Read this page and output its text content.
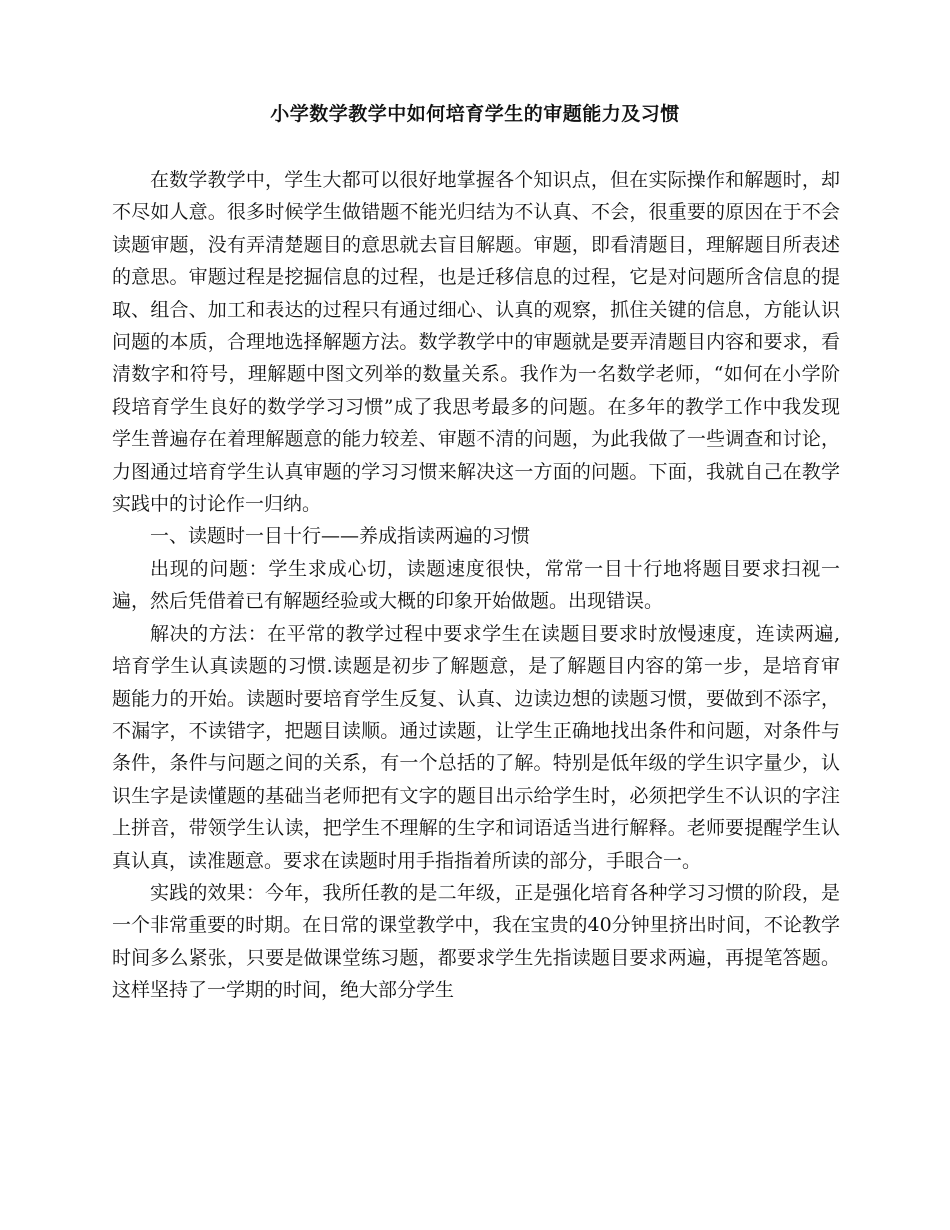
小学数学教学中如何培育学生的审题能力及习惯

在数学教学中，学生大都可以很好地掌握各个知识点，但在实际操作和解题时，却不尽如人意。很多时候学生做错题不能光归结为不认真、不会，很重要的原因在于不会读题审题，没有弄清楚题目的意思就去盲目解题。审题，即看清题目，理解题目所表述的意思。审题过程是挖掘信息的过程，也是迁移信息的过程，它是对问题所含信息的提取、组合、加工和表达的过程只有通过细心、认真的观察，抓住关键的信息，方能认识问题的本质，合理地选择解题方法。数学教学中的审题就是要弄清题目内容和要求，看清数字和符号，理解题中图文列举的数量关系。我作为一名数学老师，“如何在小学阶段培育学生良好的数学学习习惯”成了我思考最多的问题。在多年的教学工作中我发现学生普遍存在着理解题意的能力较差、审题不清的问题，为此我做了一些调查和讨论，力图通过培育学生认真审题的学习习惯来解决这一方面的问题。下面，我就自己在教学实践中的讨论作一归纳。

一、读题时一目十行——养成指读两遍的习惯

出现的问题：学生求成心切，读题速度很快，常常一目十行地将题目要求扫视一遍，然后凭借着已有解题经验或大概的印象开始做题。出现错误。

解决的方法：在平常的教学过程中要求学生在读题目要求时放慢速度，连读两遍,培育学生认真读题的习惯.读题是初步了解题意，是了解题目内容的第一步，是培育审题能力的开始。读题时要培育学生反复、认真、边读边想的读题习惯，要做到不添字，不漏字，不读错字，把题目读顺。通过读题，让学生正确地找出条件和问题，对条件与条件，条件与问题之间的关系，有一个总括的了解。特别是低年级的学生识字量少，认识生字是读懂题的基础当老师把有文字的题目出示给学生时，必须把学生不认识的字注上拼音，带领学生认读，把学生不理解的生字和词语适当进行解释。老师要提醒学生认真认真，读准题意。要求在读题时用手指指着所读的部分，手眼合一。

实践的效果：今年，我所任教的是二年级，正是强化培育各种学习习惯的阶段，是一个非常重要的时期。在日常的课堂教学中，我在宝贵的40分钟里挤出时间，不论教学时间多么紧张，只要是做课堂练习题，都要求学生先指读题目要求两遍，再提笔答题。这样坚持了一学期的时间，绝大部分学生
